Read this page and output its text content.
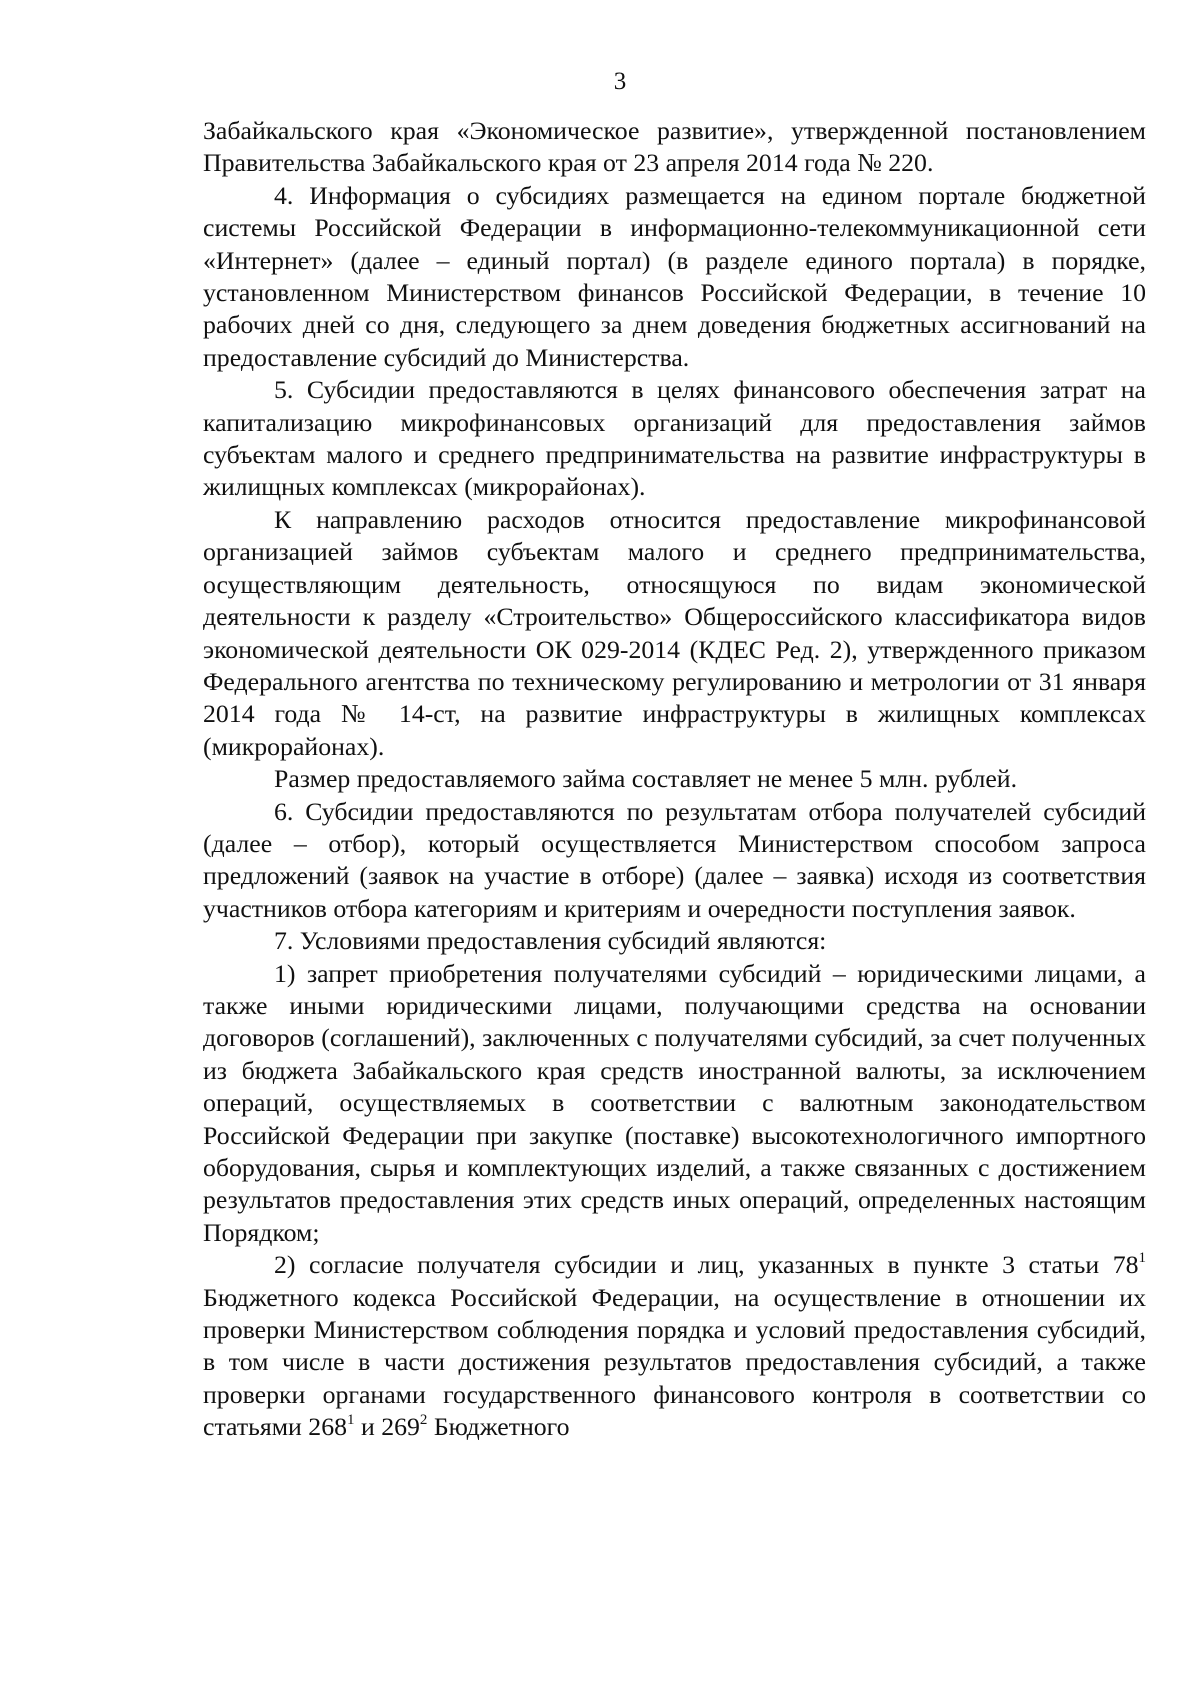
3

Забайкальского края «Экономическое развитие», утвержденной постановлением Правительства Забайкальского края от 23 апреля 2014 года № 220.

4. Информация о субсидиях размещается на едином портале бюджетной системы Российской Федерации в информационно-телекоммуникационной сети «Интернет» (далее – единый портал) (в разделе единого портала) в порядке, установленном Министерством финансов Российской Федерации, в течение 10 рабочих дней со дня, следующего за днем доведения бюджетных ассигнований на предоставление субсидий до Министерства.

5. Субсидии предоставляются в целях финансового обеспечения затрат на капитализацию микрофинансовых организаций для предоставления займов субъектам малого и среднего предпринимательства на развитие инфраструктуры в жилищных комплексах (микрорайонах).

К направлению расходов относится предоставление микрофинансовой организацией займов субъектам малого и среднего предпринимательства, осуществляющим деятельность, относящуюся по видам экономической деятельности к разделу «Строительство» Общероссийского классификатора видов экономической деятельности ОК 029-2014 (КДЕС Ред. 2), утвержденного приказом Федерального агентства по техническому регулированию и метрологии от 31 января 2014 года № 14-ст, на развитие инфраструктуры в жилищных комплексах (микрорайонах).

Размер предоставляемого займа составляет не менее 5 млн. рублей.

6. Субсидии предоставляются по результатам отбора получателей субсидий (далее – отбор), который осуществляется Министерством способом запроса предложений (заявок на участие в отборе) (далее – заявка) исходя из соответствия участников отбора категориям и критериям и очередности поступления заявок.

7. Условиями предоставления субсидий являются:

1) запрет приобретения получателями субсидий – юридическими лицами, а также иными юридическими лицами, получающими средства на основании договоров (соглашений), заключенных с получателями субсидий, за счет полученных из бюджета Забайкальского края средств иностранной валюты, за исключением операций, осуществляемых в соответствии с валютным законодательством Российской Федерации при закупке (поставке) высокотехнологичного импортного оборудования, сырья и комплектующих изделий, а также связанных с достижением результатов предоставления этих средств иных операций, определенных настоящим Порядком;

2) согласие получателя субсидии и лиц, указанных в пункте 3 статьи $78^1$ Бюджетного кодекса Российской Федерации, на осуществление в отношении их проверки Министерством соблюдения порядка и условий предоставления субсидий, в том числе в части достижения результатов предоставления субсидий, а также проверки органами государственного финансового контроля в соответствии со статьями $268^1$ и $269^2$ Бюджетного
